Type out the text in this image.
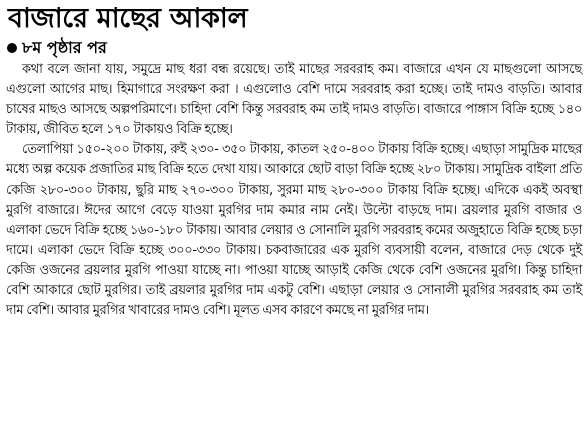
বাজারে মাছের আকাল
৮ম পৃষ্ঠার পর

কথা বলে জানা যায়, সমুদ্রে মাছ ধরা বন্ধ রয়েছে। তাই মাছের সরবরাহ কম। বাজারে এখন যে মাছগুলো আসছে এগুলো আগের মাছ। হিমাগারে সংরক্ষণ করা । এগুলোও বেশি দামে সরবরাহ করা হচ্ছে। তাই দামও বাড়তি। আবার চাষের মাছও আসছে অল্পপরিমাণে। চাহিদা বেশি কিন্তু সরবরাহ কম তাই দামও বাড়তি। বাজারে পাঙ্গাস বিক্রি হচ্ছে ১৪০ টাকায়, জীবিত হলে ১৭০ টাকায়ও বিক্রি হচ্ছে।

তেলাপিয়া ১৫০-২০০ টাকায়, রুই ২৩০- ৩৫০ টাকায়, কাতল ২৫০-৪০০ টাকায় বিক্রি হচ্ছে। এছাড়া সামুদ্রিক মাছের মধ্যে অল্প কয়েক প্রজাতির মাছ বিক্রি হতে দেখা যায়। আকারে ছোট বাড়া বিক্রি হচ্ছে ২৮০ টাকায়। সামুদ্রিক বাইলা প্রতি কেজি ২৮০-৩০০ টাকায়, ছুরি মাছ ২৭০-৩০০ টাকায়, সুরমা মাছ ২৮০-৩০০ টাকায় বিক্রি হচ্ছে। এদিকে একই অবস্থা মুরগি বাজারে। ঈদের আগে বেড়ে যাওয়া মুরগির দাম কমার নাম নেই। উল্টো বাড়ছে দাম। ব্রয়লার মুরগি বাজার ও এলাকা ভেদে বিক্রি হচ্ছে ১৬০-১৮০ টাকায়। আবার লেয়ার ও সোনালি মুরগি সরবরাহ কমের অজুহাতে বিক্রি হচ্ছে চড়া দামে। এলাকা ভেদে বিক্রি হচ্ছে ৩০০-৩৩০ টাকায়। চকবাজারের এক মুরগি ব্যবসায়ী বলেন, বাজারে দেড় থেকে দুই কেজি ওজনের ব্রয়লার মুরগি পাওয়া যাচ্ছে না। পাওয়া যাচ্ছে আড়াই কেজি থেকে বেশি ওজনের মুরগি। কিন্তু চাহিদা বেশি আকারে ছোট মুরগির। তাই ব্রয়লার মুরগির দাম একটু বেশি। এছাড়া লেয়ার ও সোনালী মুরগির সরবরাহ কম তাই দাম বেশি। আবার মুরগির খাবারের দামও বেশি। মূলত এসব কারণে কমছে না মুরগির দাম।
